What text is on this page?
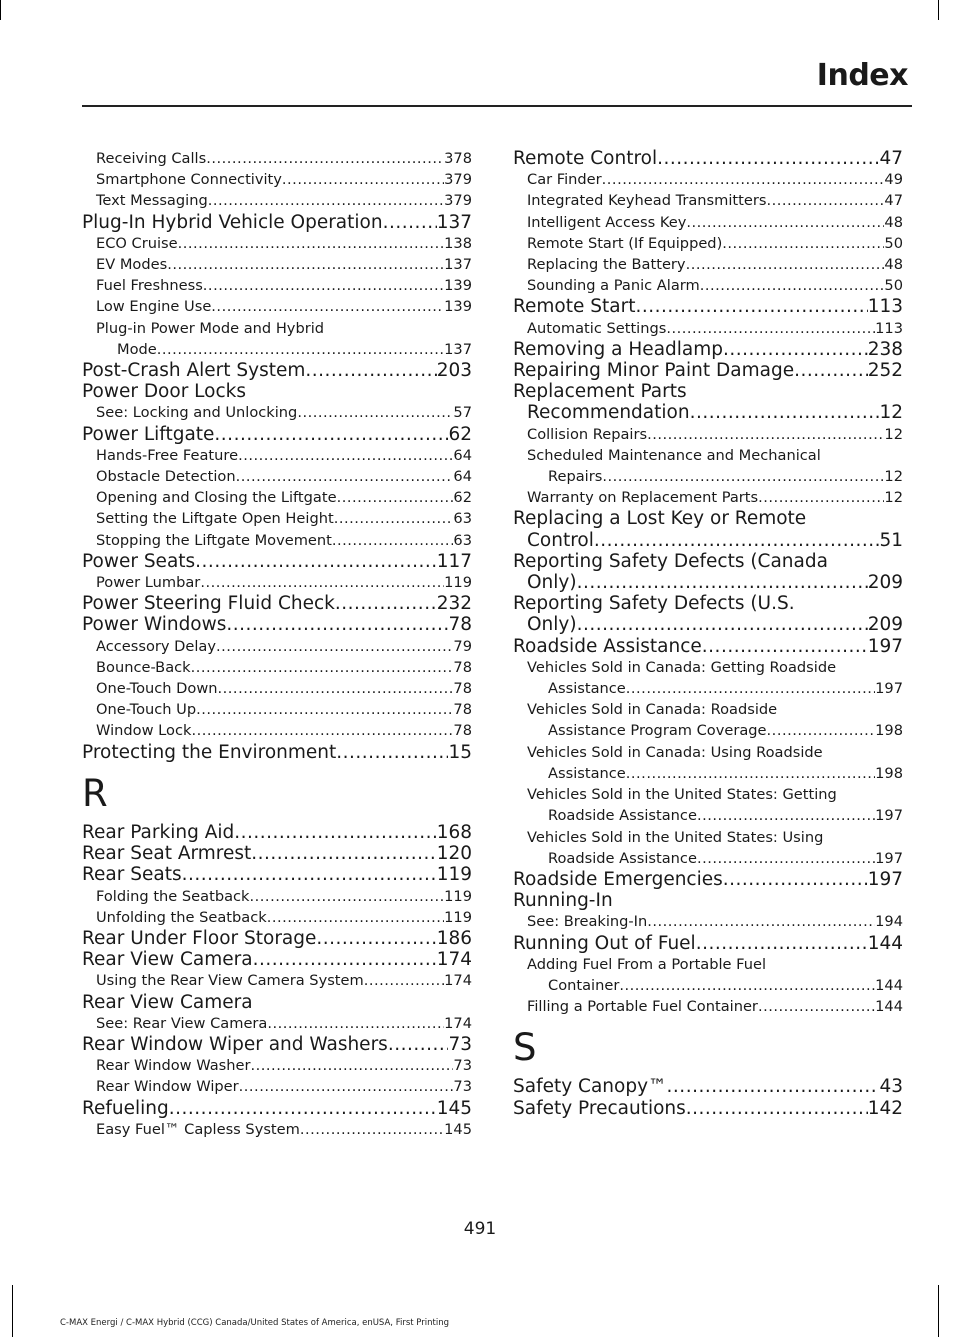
Index
Receiving Calls .....	378
Smartphone Connectivity .....	379
Text Messaging .....	379
Plug-In Hybrid Vehicle Operation .....	137
ECO Cruise .....	138
EV Modes .....	137
Fuel Freshness .....	139
Low Engine Use .....	139
Plug-in Power Mode and Hybrid
Mode .....	137
Post-Crash Alert System .....	203
Power Door Locks
See: Locking and Unlocking .....	57
Power Liftgate .....	62
Hands-Free Feature .....	64
Obstacle Detection .....	64
Opening and Closing the Liftgate .....	62
Setting the Liftgate Open Height .....	63
Stopping the Liftgate Movement .....	63
Power Seats .....	117
Power Lumbar .....	119
Power Steering Fluid Check .....	232
Power Windows .....	78
Accessory Delay .....	79
Bounce-Back .....	78
One-Touch Down .....	78
One-Touch Up .....	78
Window Lock .....	78
Protecting the Environment .....	15
R
Rear Parking Aid .....	168
Rear Seat Armrest .....	120
Rear Seats .....	119
Folding the Seatback .....	119
Unfolding the Seatback .....	119
Rear Under Floor Storage .....	186
Rear View Camera .....	174
Using the Rear View Camera System .....	174
Rear View Camera
See: Rear View Camera .....	174
Rear Window Wiper and Washers .....	73
Rear Window Washer .....	73
Rear Window Wiper .....	73
Refueling .....	145
Easy Fuel™ Capless System .....	145
Remote Control .....	47
Car Finder .....	49
Integrated Keyhead Transmitters .....	47
Intelligent Access Key .....	48
Remote Start (If Equipped) .....	50
Replacing the Battery .....	48
Sounding a Panic Alarm .....	50
Remote Start .....	113
Automatic Settings .....	113
Removing a Headlamp .....	238
Repairing Minor Paint Damage .....	252
Replacement Parts
Recommendation .....	12
Collision Repairs .....	12
Scheduled Maintenance and Mechanical
Repairs .....	12
Warranty on Replacement Parts .....	12
Replacing a Lost Key or Remote
Control .....	51
Reporting Safety Defects (Canada
Only) .....	209
Reporting Safety Defects (U.S.
Only) .....	209
Roadside Assistance .....	197
Vehicles Sold in Canada: Getting Roadside
Assistance .....	197
Vehicles Sold in Canada: Roadside
Assistance Program Coverage .....	198
Vehicles Sold in Canada: Using Roadside
Assistance .....	198
Vehicles Sold in the United States: Getting
Roadside Assistance .....	197
Vehicles Sold in the United States: Using
Roadside Assistance .....	197
Roadside Emergencies .....	197
Running-In
See: Breaking-In .....	194
Running Out of Fuel .....	144
Adding Fuel From a Portable Fuel
Container .....	144
Filling a Portable Fuel Container .....	144
S
Safety Canopy™ .....	43
Safety Precautions .....	142
491
C-MAX Energi / C-MAX Hybrid (CCG) Canada/United States of America, enUSA, First Printing
